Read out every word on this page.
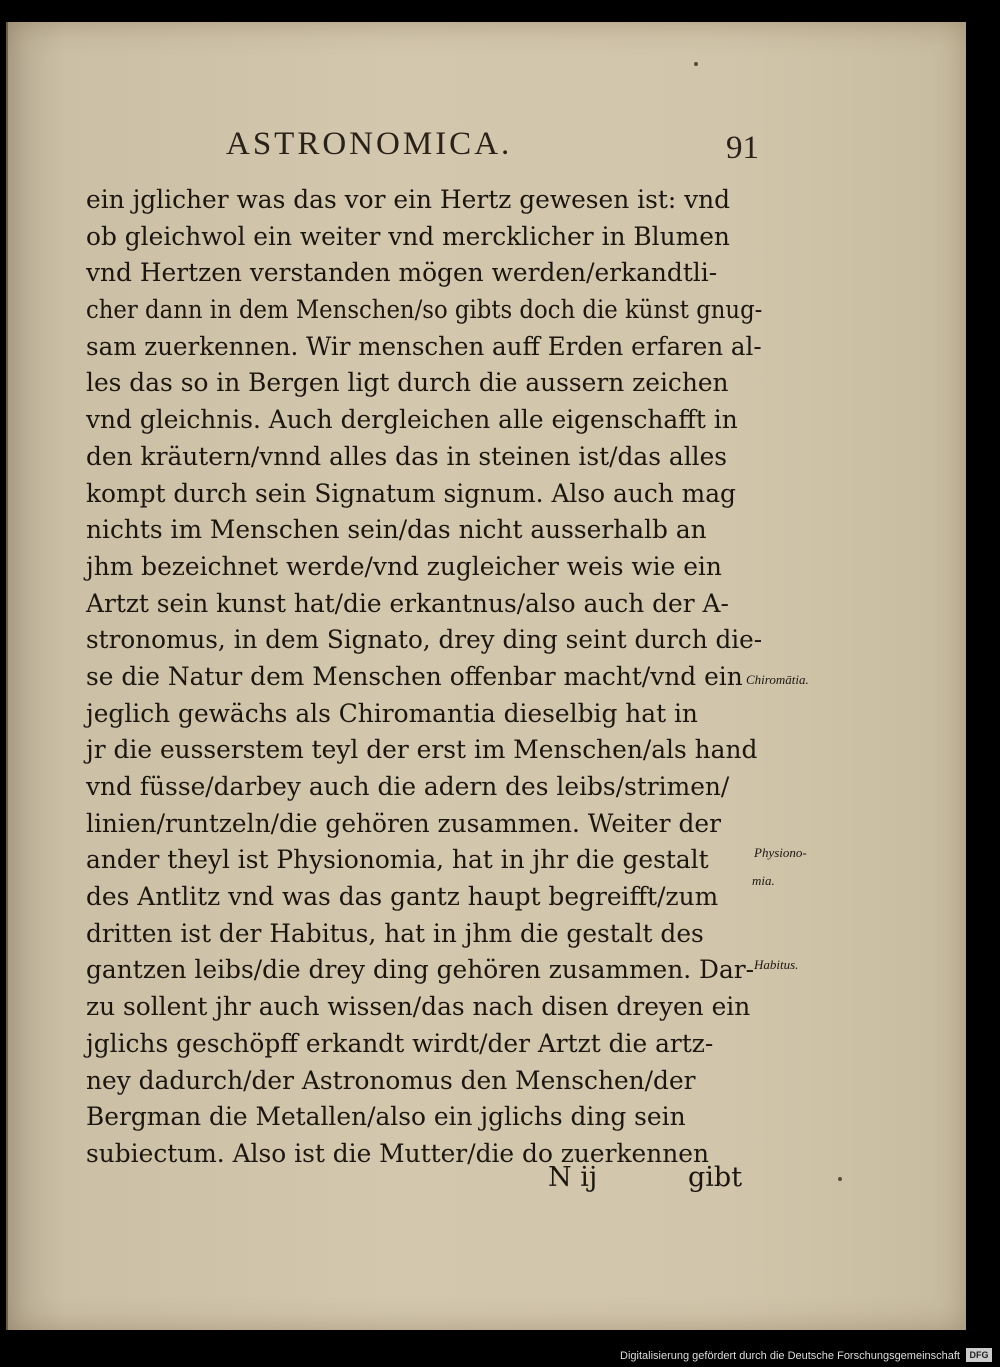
ASTRONOMICA.	91
ein jglicher was das vor ein Hertz gewesen ist: vnd
ob gleichwol ein weiter vnd mercklicher in Blumen
vnd Hertzen verstanden mögen werden/erkandtli-
cher dann in dem Menschen/so gibts doch die künst gnug-
sam zuerkennen. Wir menschen auff Erden erfaren al-
les das so in Bergen ligt durch die aussern zeichen
vnd gleichnis. Auch dergleichen alle eigenschafft in
den kräutern/vnnd alles das in steinen ist/das alles
kompt durch sein Signatum signum. Also auch mag
nichts im Menschen sein/das nicht ausserhalb an
jhm bezeichnet werde/vnd zugleicher weis wie ein
Artzt sein kunst hat/die erkantnus/also auch der A-
stronomus, in dem Signato, drey ding seint durch die-
se die Natur dem Menschen offenbar macht/vnd ein
jeglich gewächs als Chiromantia dieselbig hat in
jr die eusserstem teyl der erst im Menschen/als hand
vnd füsse/darbey auch die adern des leibs/strimen/
linien/runtzeln/die gehören zusammen. Weiter der
ander theyl ist Physionomia, hat in jhr die gestalt
des Antlitz vnd was das gantz haupt begreifft/zum
dritten ist der Habitus, hat in jhm die gestalt des
gantzen leibs/die drey ding gehören zusammen. Dar-
zu sollent jhr auch wissen/das nach disen dreyen ein
jglichs geschöpff erkandt wirdt/der Artzt die artz-
ney dadurch/der Astronomus den Menschen/der
Bergman die Metallen/also ein jglichs ding sein
subiectum. Also ist die Mutter/die do zuerkennen
Chiromātia.
Physiono-
mia.
Habitus.
N ij	gibt
Digitalisierung gefördert durch die Deutsche Forschungsgemeinschaft	DFG
